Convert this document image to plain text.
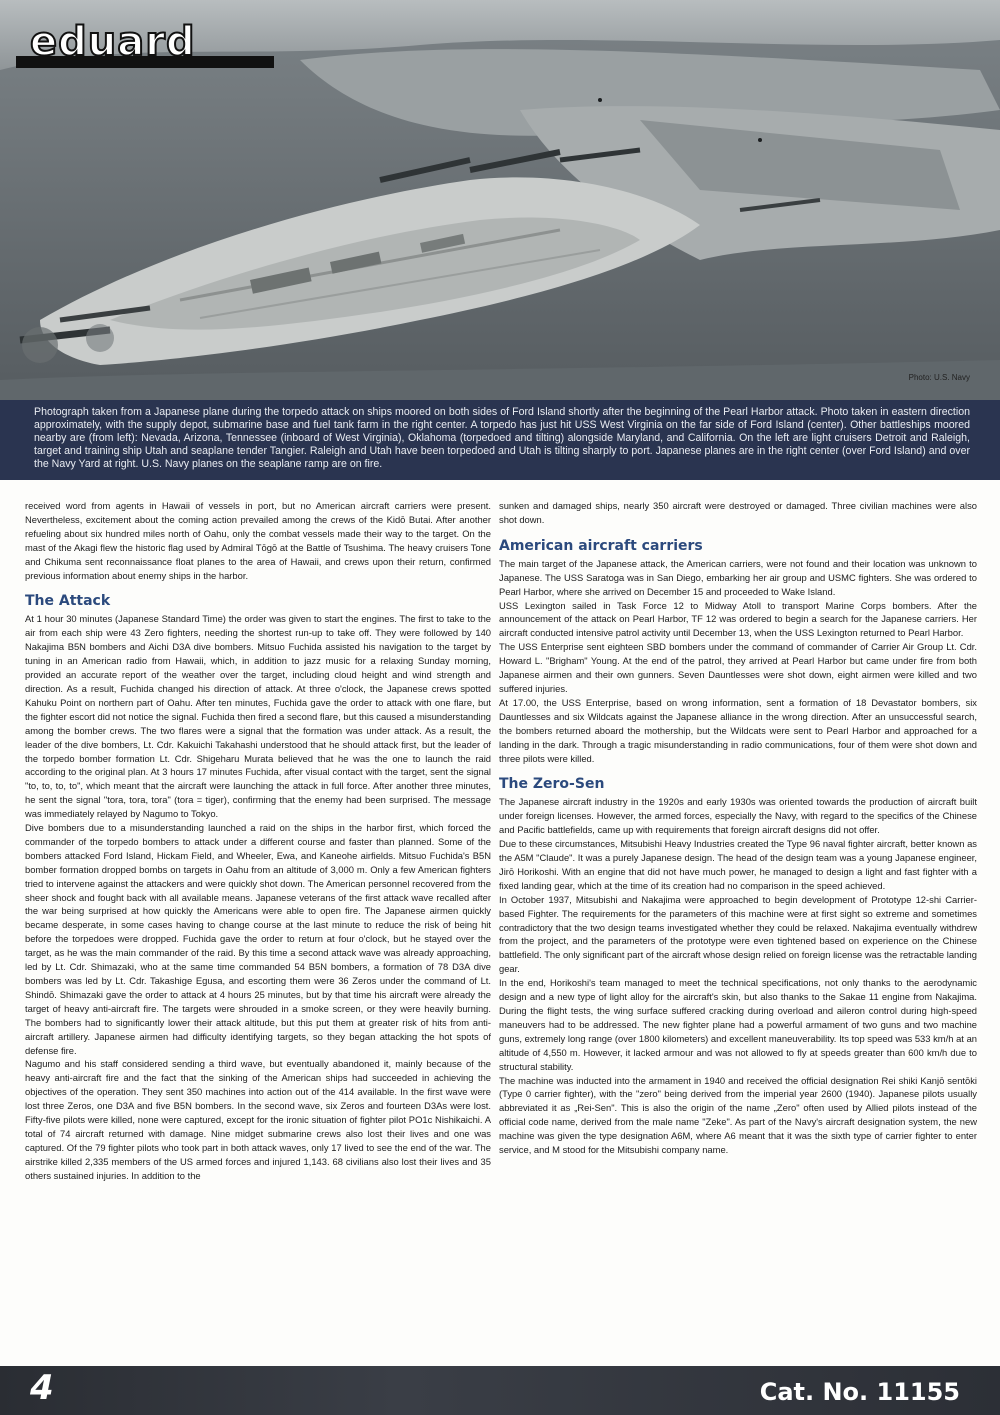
eduard
Photo: U.S. Navy

Photograph taken from a Japanese plane during the torpedo attack on ships moored on both sides of Ford Island shortly after the beginning of the Pearl Harbor attack. Photo taken in eastern direction approximately, with the supply depot, submarine base and fuel tank farm in the right center. A torpedo has just hit USS West Virginia on the far side of Ford Island (center). Other battleships moored nearby are (from left): Nevada, Arizona, Tennessee (inboard of West Virginia), Oklahoma (torpedoed and tilting) alongside Maryland, and California. On the left are light cruisers Detroit and Raleigh, target and training ship Utah and seaplane tender Tangier. Raleigh and Utah have been torpedoed and Utah is tilting sharply to port. Japanese planes are in the right center (over Ford Island) and over the Navy Yard at right. U.S. Navy planes on the seaplane ramp are on fire.

received word from agents in Hawaii of vessels in port, but no American aircraft carriers were present. Nevertheless, excitement about the coming action prevailed among the crews of the Kidō Butai. After another refueling about six hundred miles north of Oahu, only the combat vessels made their way to the target. On the mast of the Akagi flew the historic flag used by Admiral Tōgō at the Battle of Tsushima. The heavy cruisers Tone and Chikuma sent reconnaissance float planes to the area of Hawaii, and crews upon their return, confirmed previous information about enemy ships in the harbor.

The Attack

At 1 hour 30 minutes (Japanese Standard Time) the order was given to start the engines. The first to take to the air from each ship were 43 Zero fighters, needing the shortest run-up to take off. They were followed by 140 Nakajima B5N bombers and Aichi D3A dive bombers. Mitsuo Fuchida assisted his navigation to the target by tuning in an American radio from Hawaii, which, in addition to jazz music for a relaxing Sunday morning, provided an accurate report of the weather over the target, including cloud height and wind strength and direction. As a result, Fuchida changed his direction of attack. At three o'clock, the Japanese crews spotted Kahuku Point on northern part of Oahu. After ten minutes, Fuchida gave the order to attack with one flare, but the fighter escort did not notice the signal. Fuchida then fired a second flare, but this caused a misunderstanding among the bomber crews. The two flares were a signal that the formation was under attack. As a result, the leader of the dive bombers, Lt. Cdr. Kakuichi Takahashi understood that he should attack first, but the leader of the torpedo bomber formation Lt. Cdr. Shigeharu Murata believed that he was the one to launch the raid according to the original plan. At 3 hours 17 minutes Fuchida, after visual contact with the target, sent the signal "to, to, to, to", which meant that the aircraft were launching the attack in full force. After another three minutes, he sent the signal "tora, tora, tora" (tora = tiger), confirming that the enemy had been surprised. The message was immediately relayed by Nagumo to Tokyo.

Dive bombers due to a misunderstanding launched a raid on the ships in the harbor first, which forced the commander of the torpedo bombers to attack under a different course and faster than planned. Some of the bombers attacked Ford Island, Hickam Field, and Wheeler, Ewa, and Kaneohe airfields. Mitsuo Fuchida's B5N bomber formation dropped bombs on targets in Oahu from an altitude of 3,000 m. Only a few American fighters tried to intervene against the attackers and were quickly shot down. The American personnel recovered from the sheer shock and fought back with all available means. Japanese veterans of the first attack wave recalled after the war being surprised at how quickly the Americans were able to open fire. The Japanese airmen quickly became desperate, in some cases having to change course at the last minute to reduce the risk of being hit before the torpedoes were dropped. Fuchida gave the order to return at four o'clock, but he stayed over the target, as he was the main commander of the raid. By this time a second attack wave was already approaching, led by Lt. Cdr. Shimazaki, who at the same time commanded 54 B5N bombers, a formation of 78 D3A dive bombers was led by Lt. Cdr. Takashige Egusa, and escorting them were 36 Zeros under the command of Lt. Shindō. Shimazaki gave the order to attack at 4 hours 25 minutes, but by that time his aircraft were already the target of heavy anti-aircraft fire. The targets were shrouded in a smoke screen, or they were heavily burning. The bombers had to significantly lower their attack altitude, but this put them at greater risk of hits from anti-aircraft artillery. Japanese airmen had difficulty identifying targets, so they began attacking the hot spots of defense fire.

Nagumo and his staff considered sending a third wave, but eventually abandoned it, mainly because of the heavy anti-aircraft fire and the fact that the sinking of the American ships had succeeded in achieving the objectives of the operation. They sent 350 machines into action out of the 414 available. In the first wave were lost three Zeros, one D3A and five B5N bombers. In the second wave, six Zeros and fourteen D3As were lost. Fifty-five pilots were killed, none were captured, except for the ironic situation of fighter pilot PO1c Nishikaichi. A total of 74 aircraft returned with damage. Nine midget submarine crews also lost their lives and one was captured. Of the 79 fighter pilots who took part in both attack waves, only 17 lived to see the end of the war. The airstrike killed 2,335 members of the US armed forces and injured 1,143. 68 civilians also lost their lives and 35 others sustained injuries. In addition to the

sunken and damaged ships, nearly 350 aircraft were destroyed or damaged. Three civilian machines were also shot down.

American aircraft carriers

The main target of the Japanese attack, the American carriers, were not found and their location was unknown to Japanese. The USS Saratoga was in San Diego, embarking her air group and USMC fighters. She was ordered to Pearl Harbor, where she arrived on December 15 and proceeded to Wake Island.

USS Lexington sailed in Task Force 12 to Midway Atoll to transport Marine Corps bombers. After the announcement of the attack on Pearl Harbor, TF 12 was ordered to begin a search for the Japanese carriers. Her aircraft conducted intensive patrol activity until December 13, when the USS Lexington returned to Pearl Harbor.

The USS Enterprise sent eighteen SBD bombers under the command of commander of Carrier Air Group Lt. Cdr. Howard L. "Brigham" Young. At the end of the patrol, they arrived at Pearl Harbor but came under fire from both Japanese airmen and their own gunners. Seven Dauntlesses were shot down, eight airmen were killed and two suffered injuries.

At 17.00, the USS Enterprise, based on wrong information, sent a formation of 18 Devastator bombers, six Dauntlesses and six Wildcats against the Japanese alliance in the wrong direction. After an unsuccessful search, the bombers returned aboard the mothership, but the Wildcats were sent to Pearl Harbor and approached for a landing in the dark. Through a tragic misunderstanding in radio communications, four of them were shot down and three pilots were killed.

The Zero-Sen

The Japanese aircraft industry in the 1920s and early 1930s was oriented towards the production of aircraft built under foreign licenses. However, the armed forces, especially the Navy, with regard to the specifics of the Chinese and Pacific battlefields, came up with requirements that foreign aircraft designs did not offer.

Due to these circumstances, Mitsubishi Heavy Industries created the Type 96 naval fighter aircraft, better known as the A5M "Claude". It was a purely Japanese design. The head of the design team was a young Japanese engineer, Jirō Horikoshi. With an engine that did not have much power, he managed to design a light and fast fighter with a fixed landing gear, which at the time of its creation had no comparison in the speed achieved.

In October 1937, Mitsubishi and Nakajima were approached to begin development of Prototype 12-shi Carrier-based Fighter. The requirements for the parameters of this machine were at first sight so extreme and sometimes contradictory that the two design teams investigated whether they could be relaxed. Nakajima eventually withdrew from the project, and the parameters of the prototype were even tightened based on experience on the Chinese battlefield. The only significant part of the aircraft whose design relied on foreign license was the retractable landing gear.

In the end, Horikoshi's team managed to meet the technical specifications, not only thanks to the aerodynamic design and a new type of light alloy for the aircraft's skin, but also thanks to the Sakae 11 engine from Nakajima. During the flight tests, the wing surface suffered cracking during overload and aileron control during high-speed maneuvers had to be addressed. The new fighter plane had a powerful armament of two guns and two machine guns, extremely long range (over 1800 kilometers) and excellent maneuverability. Its top speed was 533 km/h at an altitude of 4,550 m. However, it lacked armour and was not allowed to fly at speeds greater than 600 km/h due to structural stability.

The machine was inducted into the armament in 1940 and received the official designation Rei shiki Kanjō sentōki (Type 0 carrier fighter), with the "zero" being derived from the imperial year 2600 (1940). Japanese pilots usually abbreviated it as „Rei-Sen". This is also the origin of the name „Zero" often used by Allied pilots instead of the official code name, derived from the male name "Zeke". As part of the Navy's aircraft designation system, the new machine was given the type designation A6M, where A6 meant that it was the sixth type of carrier fighter to enter service, and M stood for the Mitsubishi company name.

4	Cat. No. 11155
